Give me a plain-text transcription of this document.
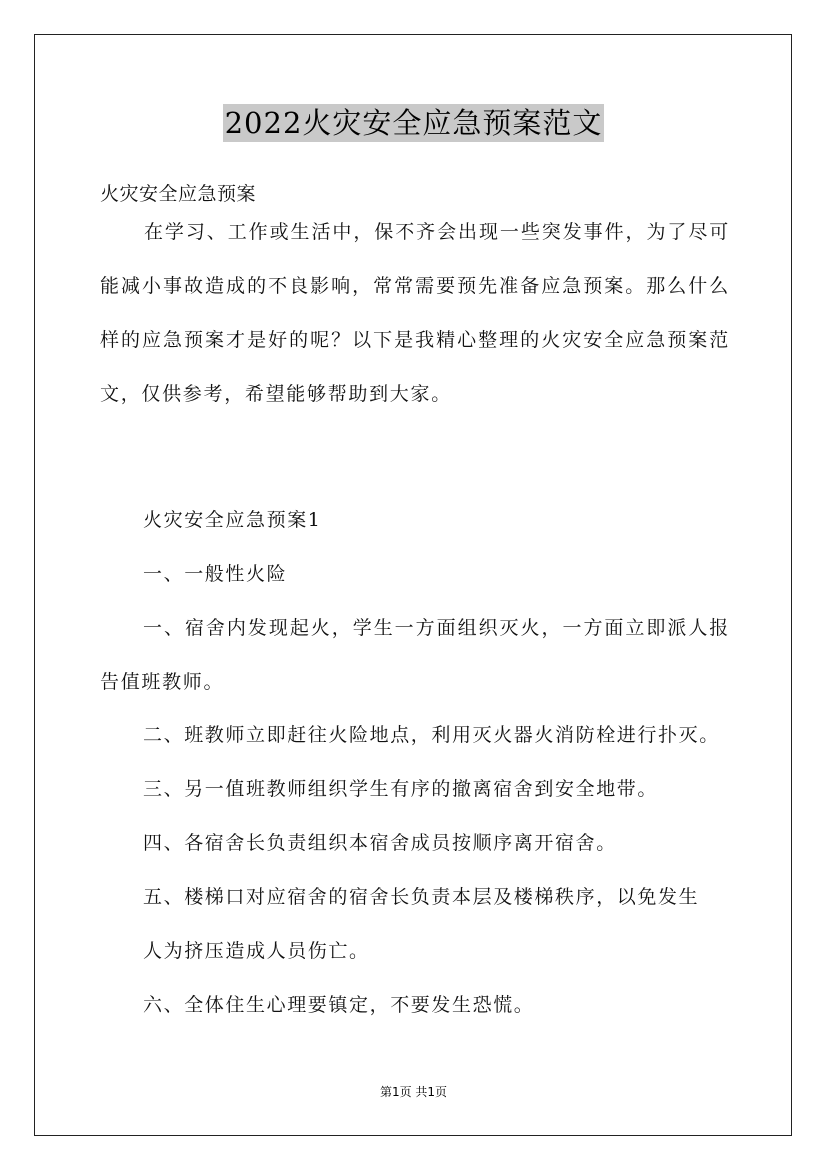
2022火灾安全应急预案范文
火灾安全应急预案
在学习、工作或生活中，保不齐会出现一些突发事件，为了尽可能减小事故造成的不良影响，常常需要预先准备应急预案。那么什么样的应急预案才是好的呢？以下是我精心整理的火灾安全应急预案范文，仅供参考，希望能够帮助到大家。
火灾安全应急预案1
一、一般性火险
一、宿舍内发现起火，学生一方面组织灭火，一方面立即派人报告值班教师。
二、班教师立即赶往火险地点，利用灭火器火消防栓进行扑灭。
三、另一值班教师组织学生有序的撤离宿舍到安全地带。
四、各宿舍长负责组织本宿舍成员按顺序离开宿舍。
五、楼梯口对应宿舍的宿舍长负责本层及楼梯秩序，以免发生
人为挤压造成人员伤亡。
六、全体住生心理要镇定，不要发生恐慌。
第1页 共1页
